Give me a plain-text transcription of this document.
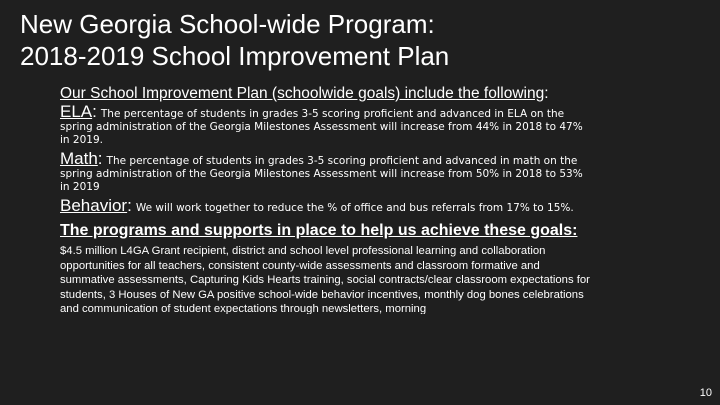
New Georgia School-wide Program:
2018-2019 School Improvement Plan

Our School Improvement Plan (schoolwide goals) include the following:

ELA: The percentage of students in grades 3-5 scoring proficient and advanced in ELA on the spring administration of the Georgia Milestones Assessment will increase from 44% in 2018 to 47% in 2019.

Math: The percentage of students in grades 3-5 scoring proficient and advanced in math on the spring administration of the Georgia Milestones Assessment will increase from 50% in 2018 to 53% in 2019

Behavior: We will work together to reduce the % of office and bus referrals from 17% to 15%.

The programs and supports in place to help us achieve these goals:

$4.5 million L4GA Grant recipient, district and school level professional learning and collaboration opportunities for all teachers, consistent county-wide assessments and classroom formative and summative assessments, Capturing Kids Hearts training, social contracts/clear classroom expectations for students, 3 Houses of New GA positive school-wide behavior incentives, monthly dog bones celebrations and communication of student expectations through newsletters, morning

10
